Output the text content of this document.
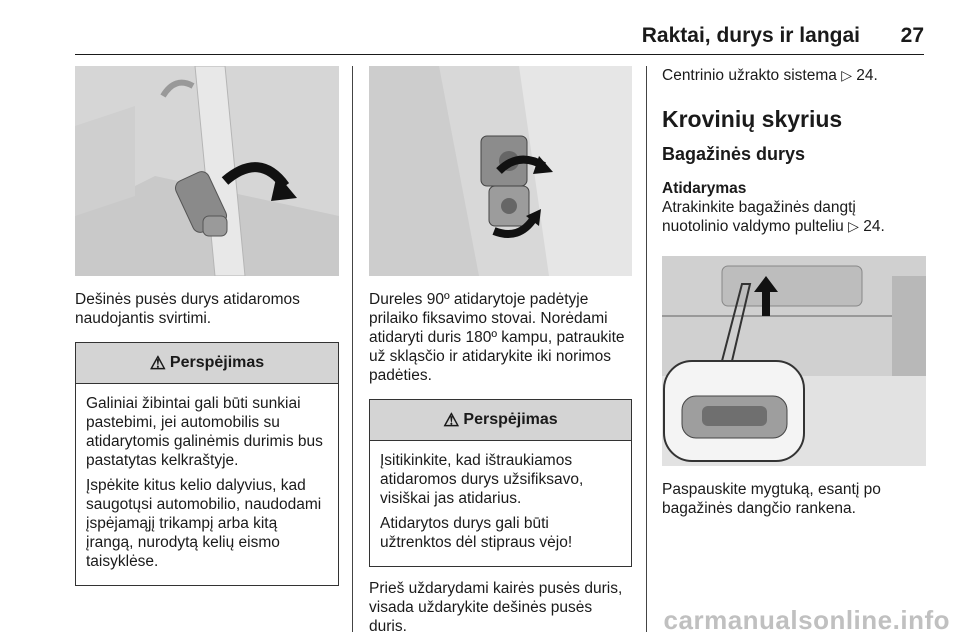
Raktai, durys ir langai 27

Dešinės pusės durys atidaromos naudojantis svirtimi.

⚠ Perspėjimas

Galiniai žibintai gali būti sunkiai pastebimi, jei automobilis su atidarytomis galinėmis durimis bus pastatytas kelkraštyje.

Įspėkite kitus kelio dalyvius, kad saugotųsi automobilio, naudodami įspėjamąjį trikampį arba kitą įrangą, nurodytą kelių eismo taisyklėse.

Dureles 90º atidarytoje padėtyje prilaiko fiksavimo stovai. Norėdami atidaryti duris 180º kampu, patraukite už skląsčio ir atidarykite iki norimos padėties.

⚠ Perspėjimas

Įsitikinkite, kad ištraukiamos atidaromos durys užsifiksavo, visiškai jas atidarius.

Atidarytos durys gali būti užtrenktos dėl stipraus vėjo!

Prieš uždarydami kairės pusės duris, visada uždarykite dešinės pusės duris.

Centrinio užrakto sistema ▷ 24.

Krovinių skyrius

Bagažinės durys

Atidarymas

Atrakinkite bagažinės dangtį nuotolinio valdymo pulteliu ▷ 24.

Paspauskite mygtuką, esantį po bagažinės dangčio rankena.

carmanualsonline.info
